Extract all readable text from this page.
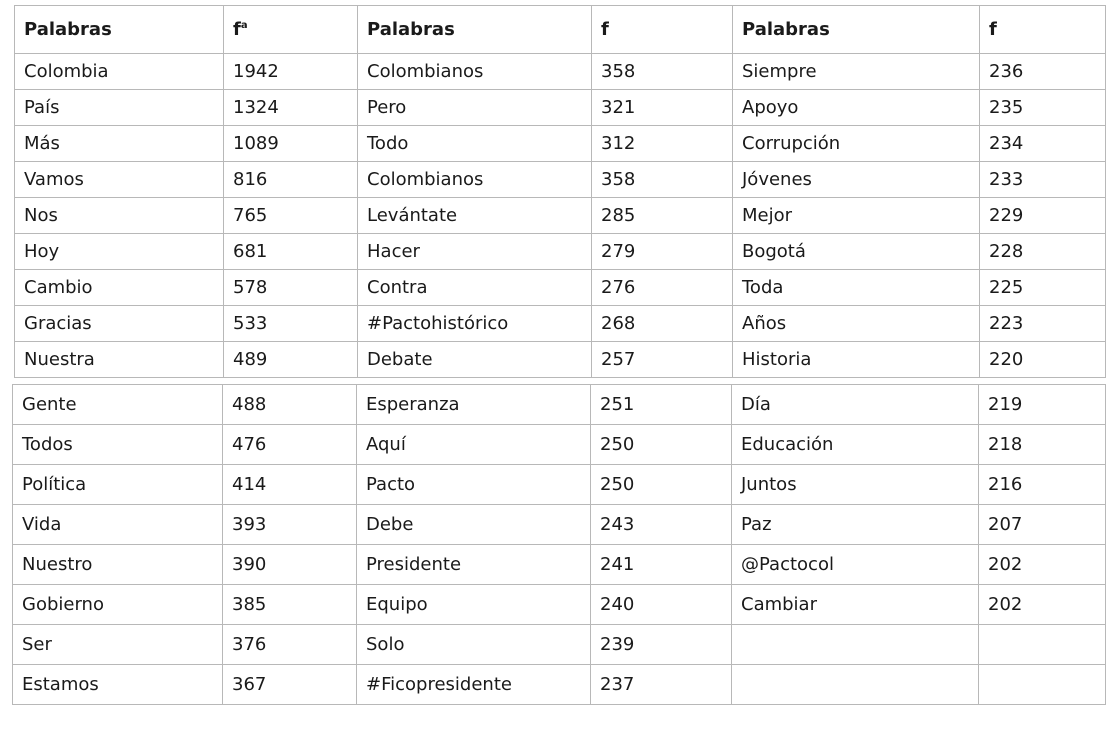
Palabras	$f^a$	Palabras	f	Palabras	f
Colombia	1942	Colombianos	358	Siempre	236
País	1324	Pero	321	Apoyo	235
Más	1089	Todo	312	Corrupción	234
Vamos	816	Colombianos	358	Jóvenes	233
Nos	765	Levántate	285	Mejor	229
Hoy	681	Hacer	279	Bogotá	228
Cambio	578	Contra	276	Toda	225
Gracias	533	#Pactohistórico	268	Años	223
Nuestra	489	Debate	257	Historia	220
Gente	488	Esperanza	251	Día	219
Todos	476	Aquí	250	Educación	218
Política	414	Pacto	250	Juntos	216
Vida	393	Debe	243	Paz	207
Nuestro	390	Presidente	241	@Pactocol	202
Gobierno	385	Equipo	240	Cambiar	202
Ser	376	Solo	239		
Estamos	367	#Ficopresidente	237		
